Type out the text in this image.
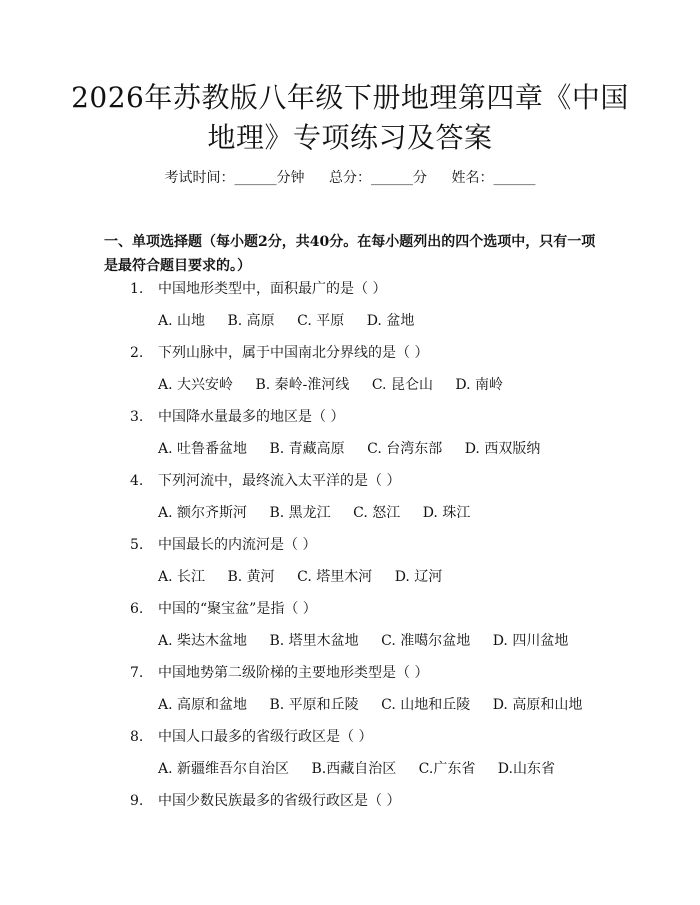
2026年苏教版八年级下册地理第四章《中国
地理》专项练习及答案
考试时间：______分钟 总分：______分 姓名：______
一、单项选择题（每小题2分，共40分。在每小题列出的四个选项中，只有一项
是最符合题目要求的。）
1. 中国地形类型中，面积最广的是（ ）
A. 山地 B. 高原 C. 平原 D. 盆地
2. 下列山脉中，属于中国南北分界线的是（ ）
A. 大兴安岭 B. 秦岭-淮河线 C. 昆仑山 D. 南岭
3. 中国降水量最多的地区是（ ）
A. 吐鲁番盆地 B. 青藏高原 C. 台湾东部 D. 西双版纳
4. 下列河流中，最终流入太平洋的是（ ）
A. 额尔齐斯河 B. 黑龙江 C. 怒江 D. 珠江
5. 中国最长的内流河是（ ）
A. 长江 B. 黄河 C. 塔里木河 D. 辽河
6. 中国的“聚宝盆”是指（ ）
A. 柴达木盆地 B. 塔里木盆地 C. 准噶尔盆地 D. 四川盆地
7. 中国地势第二级阶梯的主要地形类型是（ ）
A. 高原和盆地 B. 平原和丘陵 C. 山地和丘陵 D. 高原和山地
8. 中国人口最多的省级行政区是（ ）
A. 新疆维吾尔自治区 B.西藏自治区 C.广东省 D.山东省
9. 中国少数民族最多的省级行政区是（ ）
